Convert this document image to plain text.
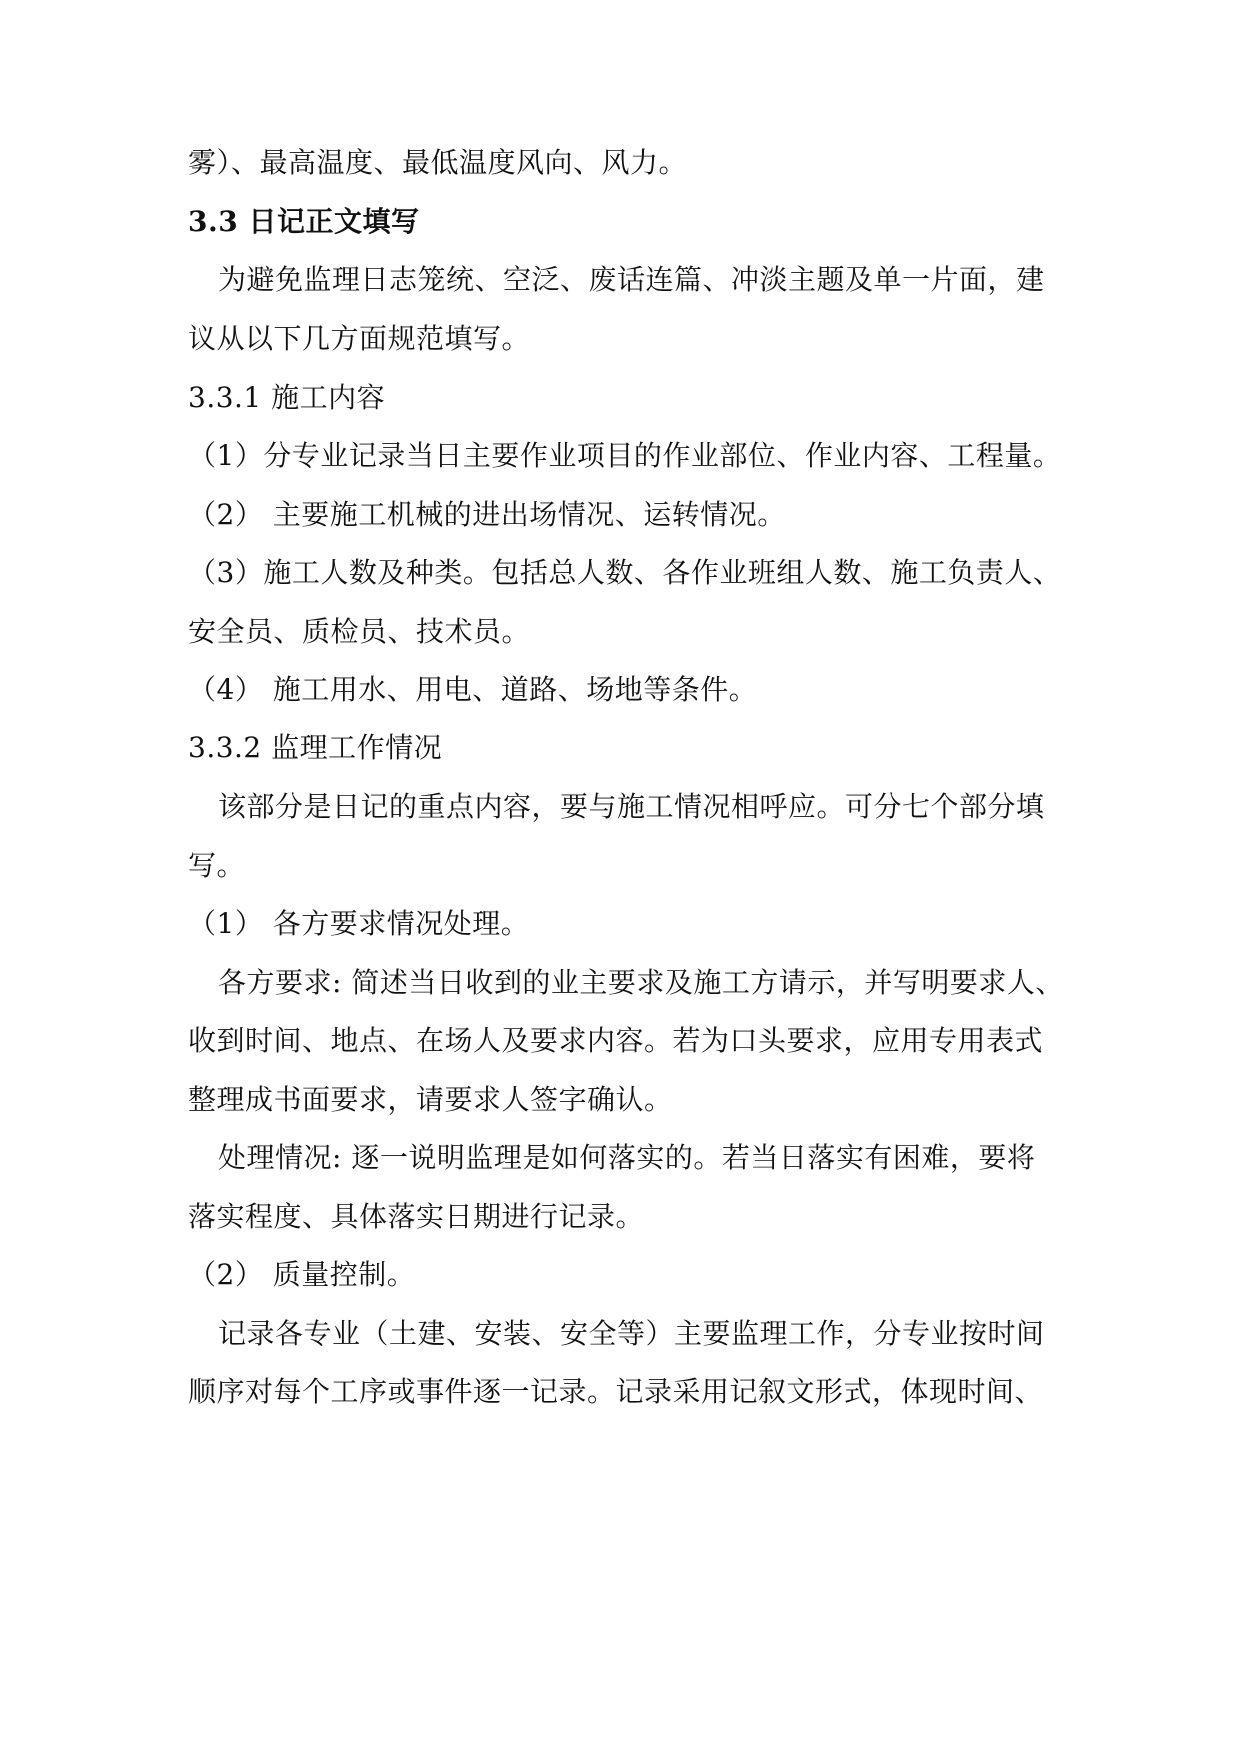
雾）、最高温度、最低温度风向、风力。
3.3 日记正文填写
为避免监理日志笼统、空泛、废话连篇、冲淡主题及单一片面，建
议从以下几方面规范填写。
3.3.1 施工内容
（1）分专业记录当日主要作业项目的作业部位、作业内容、工程量。
（2） 主要施工机械的进出场情况、运转情况。
（3）施工人数及种类。包括总人数、各作业班组人数、施工负责人、
安全员、质检员、技术员。
（4） 施工用水、用电、道路、场地等条件。
3.3.2 监理工作情况
该部分是日记的重点内容，要与施工情况相呼应。可分七个部分填
写。
（1） 各方要求情况处理。
各方要求: 简述当日收到的业主要求及施工方请示，并写明要求人、
收到时间、地点、在场人及要求内容。若为口头要求，应用专用表式
整理成书面要求，请要求人签字确认。
处理情况: 逐一说明监理是如何落实的。若当日落实有困难，要将
落实程度、具体落实日期进行记录。
（2） 质量控制。
记录各专业（土建、安装、安全等）主要监理工作，分专业按时间
顺序对每个工序或事件逐一记录。记录采用记叙文形式，体现时间、
